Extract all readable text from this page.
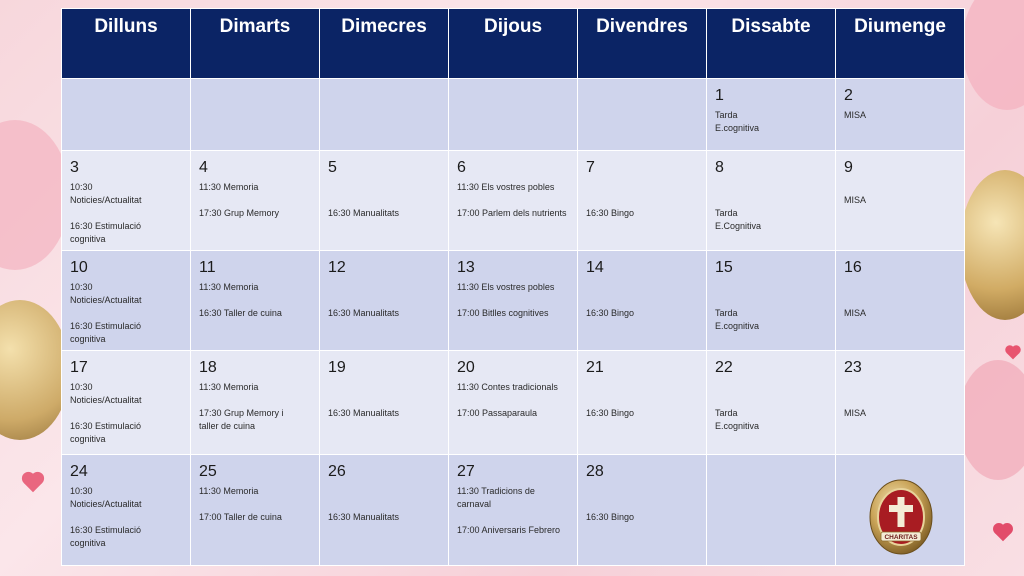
Dilluns	Dimarts	Dimecres	Dijous	Divendres	Dissabte	Diumenge

					1
Tarda
E.cognitiva	2
MISA

3
10:30
Noticies/Actualitat

16:30 Estimulació
cognitiva	4
11:30 Memoria

17:30 Grup Memory	5

16:30 Manualitats	6
11:30 Els vostres pobles

17:00 Parlem dels nutrients	7

16:30 Bingo	8

Tarda
E.Cognitiva	9

MISA

10
10:30
Noticies/Actualitat

16:30 Estimulació
cognitiva	11
11:30 Memoria

16:30 Taller de cuina	12

16:30 Manualitats	13
11:30 Els vostres pobles

17:00 Bitlles cognitives	14

16:30 Bingo	15

Tarda
E.cognitiva	16

MISA

17
10:30
Noticies/Actualitat

16:30 Estimulació
cognitiva	18
11:30 Memoria

17:30 Grup Memory i
taller de cuina	19

16:30 Manualitats	20
11:30 Contes tradicionals

17:00 Passaparaula	21

16:30 Bingo	22

Tarda
E.cognitiva	23

MISA

24
10:30
Noticies/Actualitat

16:30 Estimulació
cognitiva	25
11:30 Memoria

17:00 Taller de cuina	26

16:30 Manualitats	27
11:30 Tradicions de carnaval

17:00 Aniversaris Febrero	28

16:30 Bingo		CHARITAS
